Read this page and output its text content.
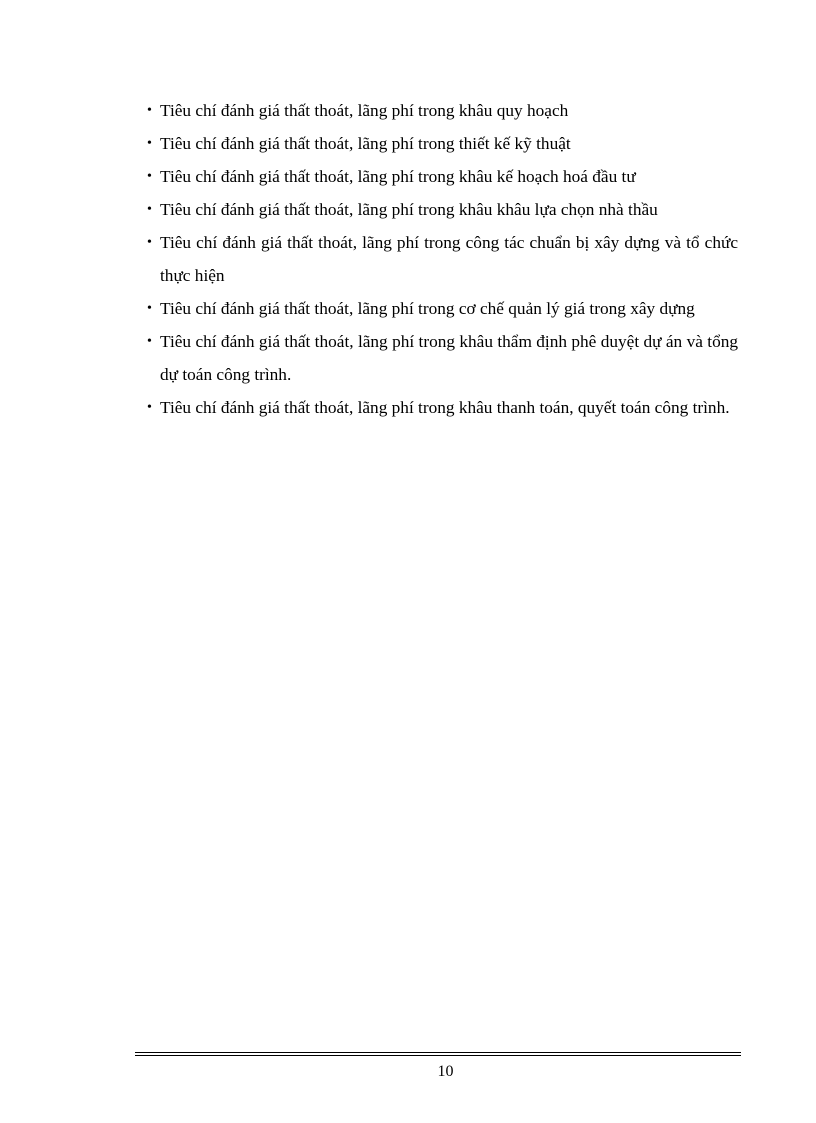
• Tiêu chí đánh giá thất thoát, lãng phí trong khâu quy hoạch
• Tiêu chí đánh giá thất thoát, lãng phí trong thiết kế kỹ thuật
• Tiêu chí đánh giá thất thoát, lãng phí trong khâu kế hoạch hoá đầu tư
• Tiêu chí đánh giá thất thoát, lãng phí trong khâu khâu lựa chọn nhà thầu
• Tiêu chí đánh giá thất thoát, lãng phí trong công tác chuẩn bị xây dựng và tổ chức thực hiện
• Tiêu chí đánh giá thất thoát, lãng phí trong cơ chế quản lý giá trong xây dựng
• Tiêu chí đánh giá thất thoát, lãng phí trong khâu thẩm định phê duyệt dự án và tổng dự toán công trình.
• Tiêu chí đánh giá thất thoát, lãng phí trong khâu thanh toán, quyết toán công trình.
10
